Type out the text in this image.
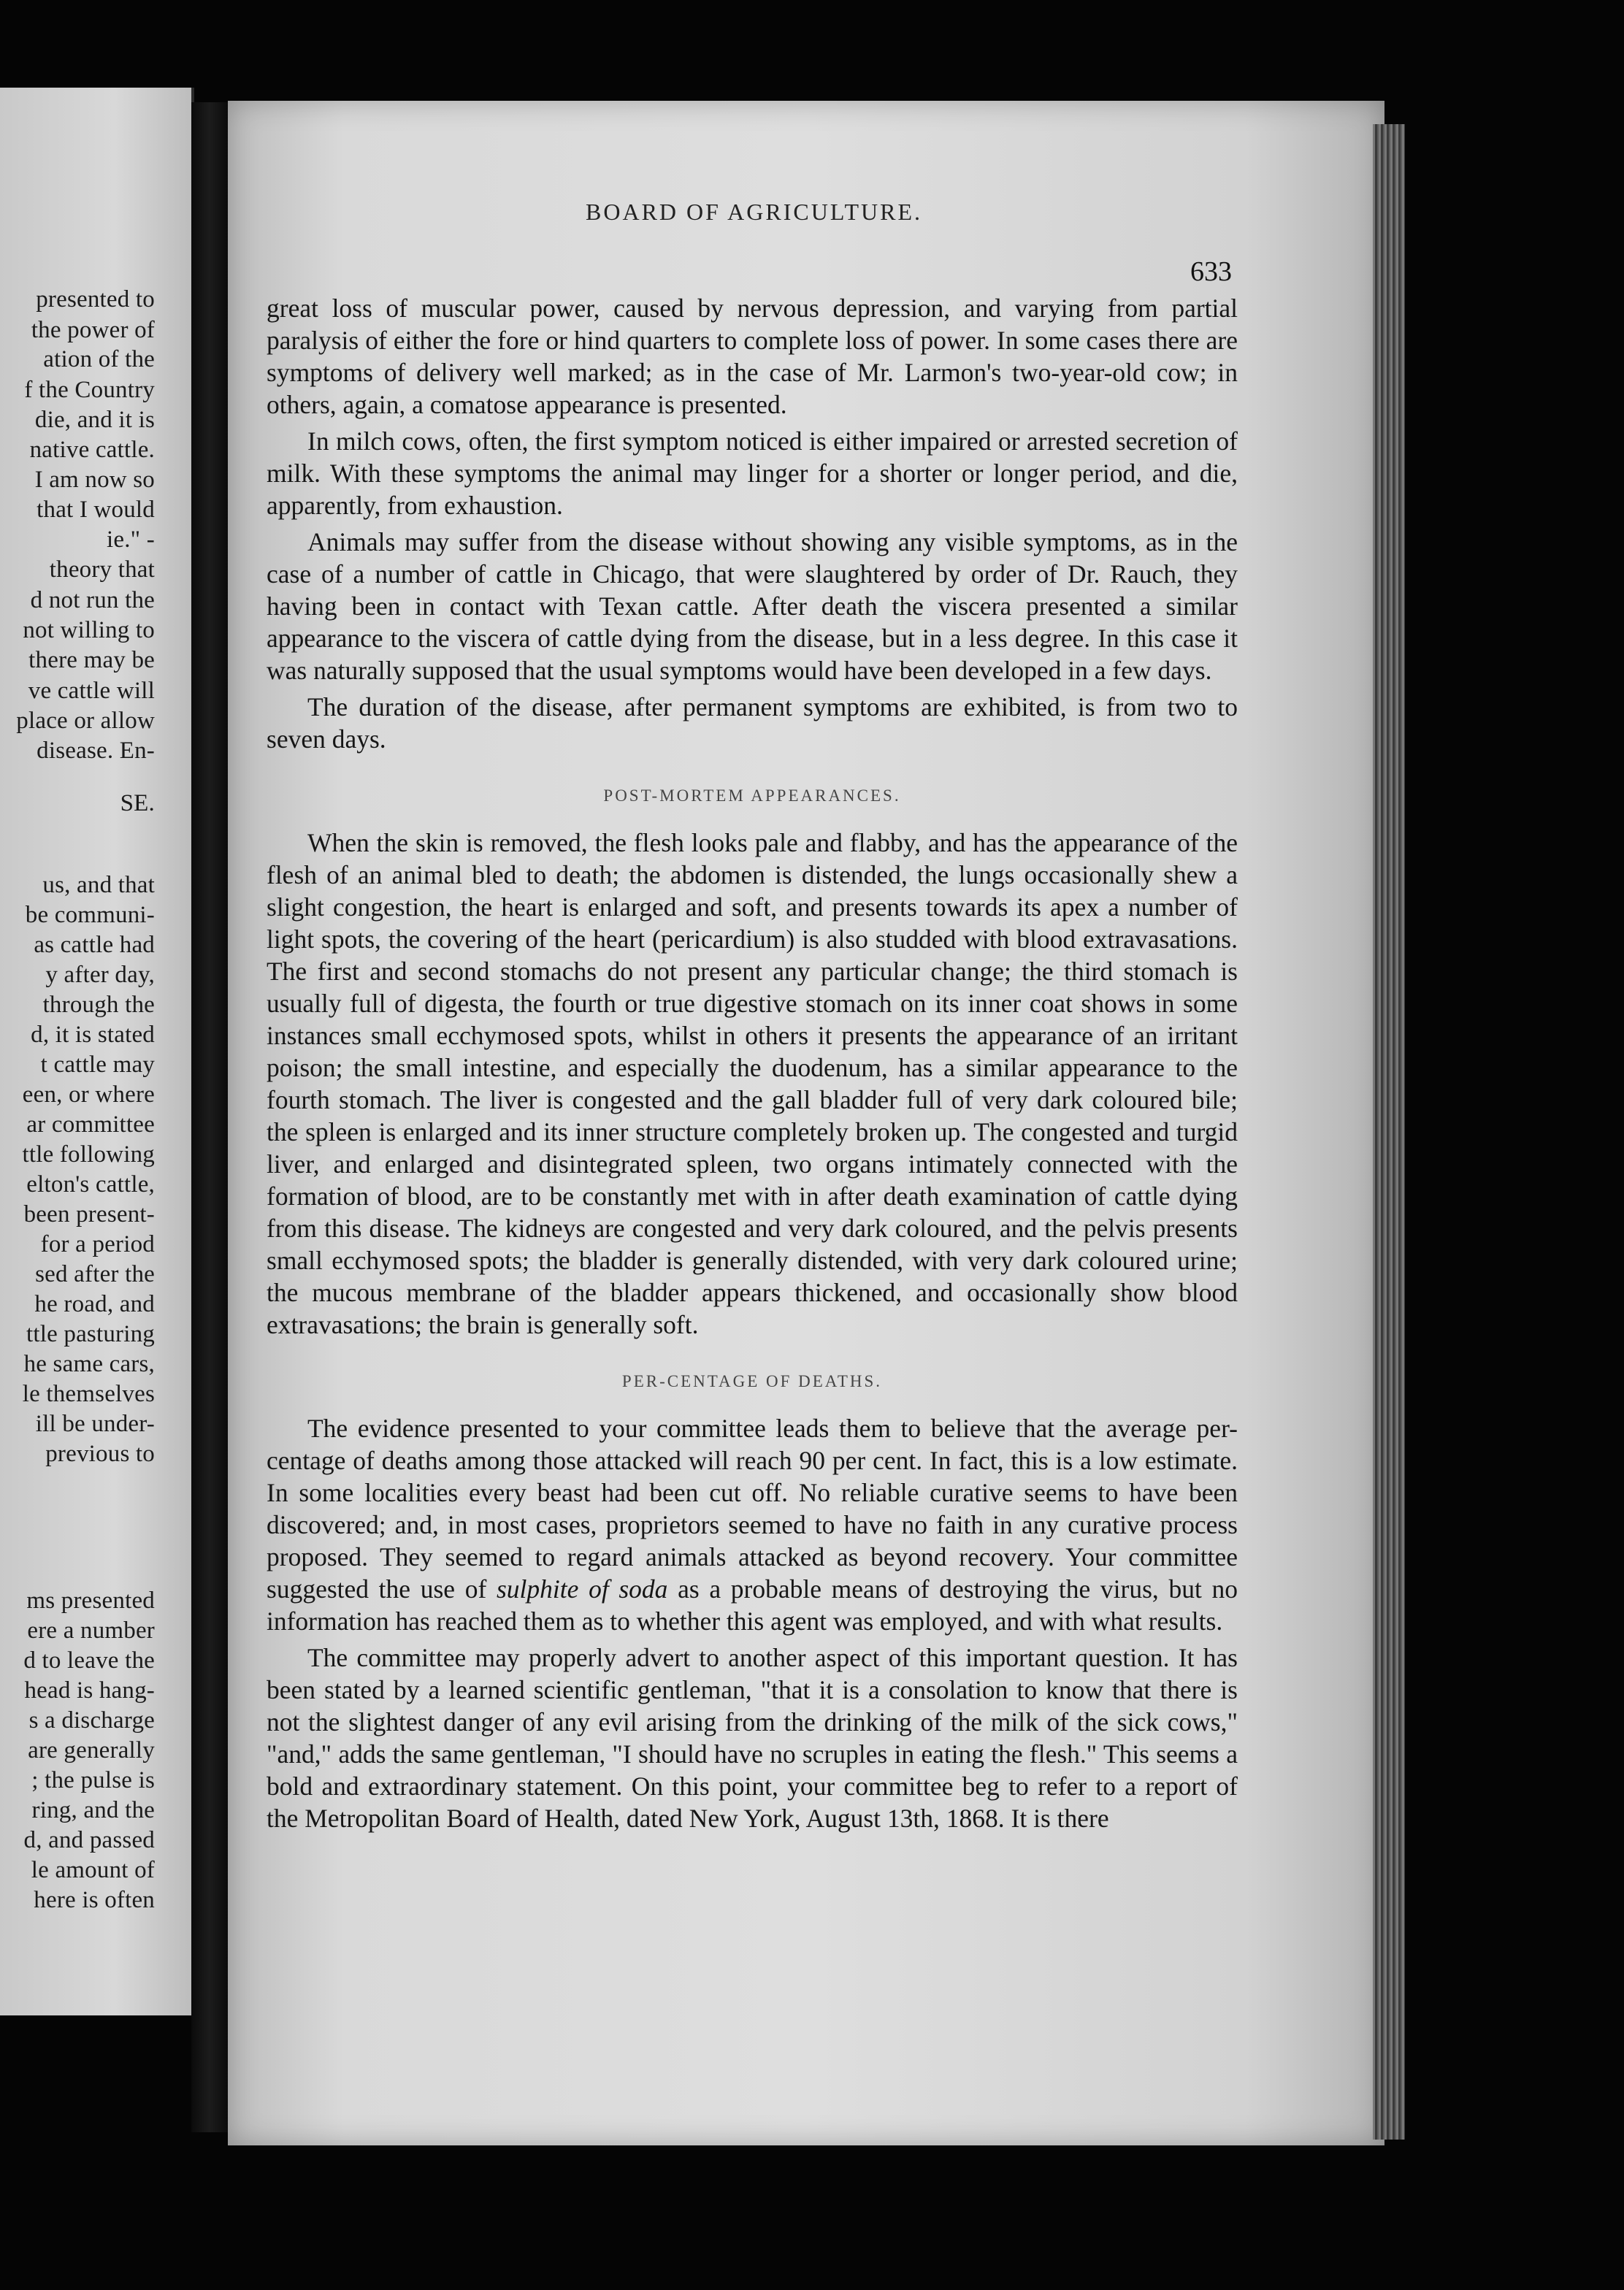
presented to
the power of
ation of the
f the Country
die, and it is
native cattle.
I am now so
that I would
ie." -
theory that
d not run the
not willing to
there may be
ve cattle will
place or allow
disease. En-
SE.
us, and that
be communi-
as cattle had
y after day,
through the
d, it is stated
t cattle may
een, or where
ar committee
ttle following
elton's cattle,
been present-
for a period
sed after the
he road, and
ttle pasturing
he same cars,
le themselves
ill be under-
previous to
ms presented
ere a number
d to leave the
head is hang-
s a discharge
are generally
; the pulse is
ring, and the
d, and passed
le amount of
here is often
BOARD OF AGRICULTURE.
633

great loss of muscular power, caused by nervous depression, and varying from partial paralysis of either the fore or hind quarters to complete loss of power. In some cases there are symptoms of delivery well marked; as in the case of Mr. Larmon's two-year-old cow; in others, again, a comatose appearance is presented.

In milch cows, often, the first symptom noticed is either impaired or arrested secretion of milk. With these symptoms the animal may linger for a shorter or longer period, and die, apparently, from exhaustion.

Animals may suffer from the disease without showing any visible symptoms, as in the case of a number of cattle in Chicago, that were slaughtered by order of Dr. Rauch, they having been in contact with Texan cattle. After death the viscera presented a similar appearance to the viscera of cattle dying from the disease, but in a less degree. In this case it was naturally supposed that the usual symptoms would have been developed in a few days.

The duration of the disease, after permanent symptoms are exhibited, is from two to seven days.

POST-MORTEM APPEARANCES.

When the skin is removed, the flesh looks pale and flabby, and has the appearance of the flesh of an animal bled to death; the abdomen is distended, the lungs occasionally shew a slight congestion, the heart is enlarged and soft, and presents towards its apex a number of light spots, the covering of the heart (pericardium) is also studded with blood extravasations. The first and second stomachs do not present any particular change; the third stomach is usually full of digesta, the fourth or true digestive stomach on its inner coat shows in some instances small ecchymosed spots, whilst in others it presents the appearance of an irritant poison; the small intestine, and especially the duodenum, has a similar appearance to the fourth stomach. The liver is congested and the gall bladder full of very dark coloured bile; the spleen is enlarged and its inner structure completely broken up. The congested and turgid liver, and enlarged and disintegrated spleen, two organs intimately connected with the formation of blood, are to be constantly met with in after death examination of cattle dying from this disease. The kidneys are congested and very dark coloured, and the pelvis presents small ecchymosed spots; the bladder is generally distended, with very dark coloured urine; the mucous membrane of the bladder appears thickened, and occasionally show blood extravasations; the brain is generally soft.

PER-CENTAGE OF DEATHS.

The evidence presented to your committee leads them to believe that the average per-centage of deaths among those attacked will reach 90 per cent. In fact, this is a low estimate. In some localities every beast had been cut off. No reliable curative seems to have been discovered; and, in most cases, proprietors seemed to have no faith in any curative process proposed. They seemed to regard animals attacked as beyond recovery. Your committee suggested the use of sulphite of soda as a probable means of destroying the virus, but no information has reached them as to whether this agent was employed, and with what results.

The committee may properly advert to another aspect of this important question. It has been stated by a learned scientific gentleman, "that it is a consolation to know that there is not the slightest danger of any evil arising from the drinking of the milk of the sick cows," "and," adds the same gentleman, "I should have no scruples in eating the flesh." This seems a bold and extraordinary statement. On this point, your committee beg to refer to a report of the Metropolitan Board of Health, dated New York, August 13th, 1868. It is there
